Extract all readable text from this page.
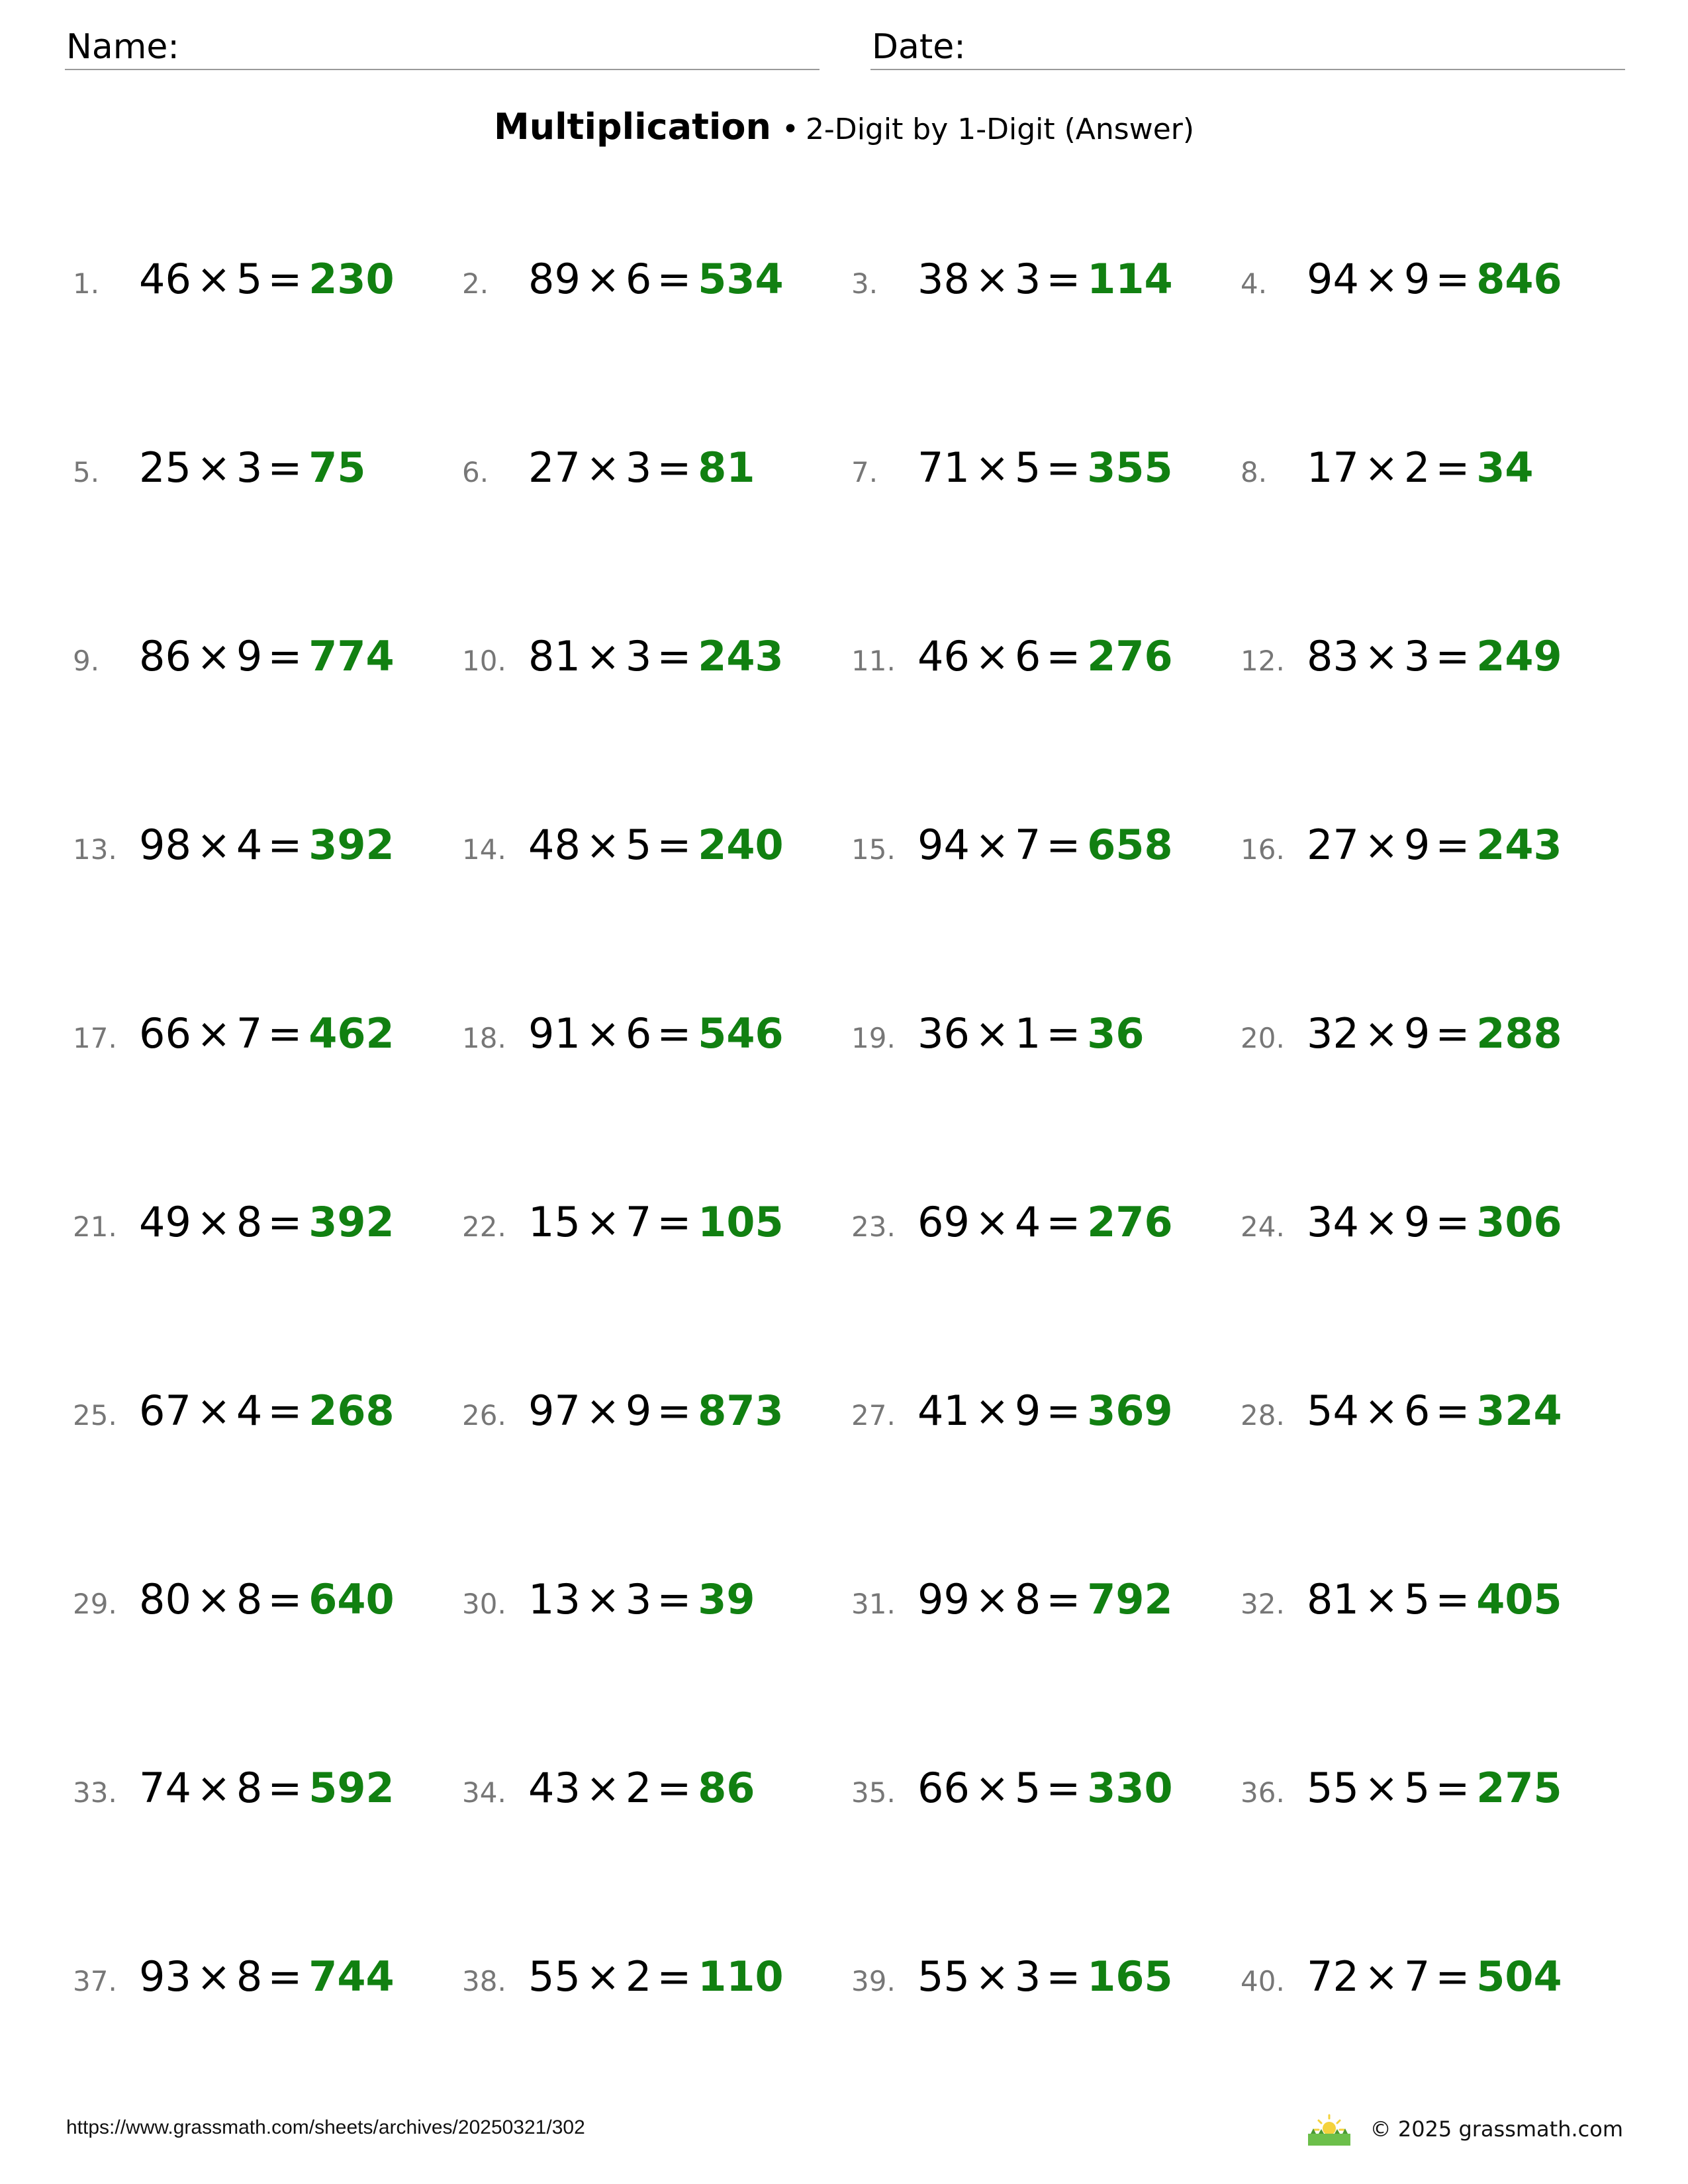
Name:	Date:
Multiplication • 2-Digit by 1-Digit (Answer)
1. 46 × 5 = 230 2. 89 × 6 = 534 3. 38 × 3 = 114 4. 94 × 9 = 846
5. 25 × 3 = 75	6. 27 × 3 = 81	7. 71 × 5 = 355 8. 17 × 2 = 34
9. 86 × 9 = 774 10. 81 × 3 = 243 11. 46 × 6 = 276 12. 83 × 3 = 249
13. 98 × 4 = 392 14. 48 × 5 = 240 15. 94 × 7 = 658 16. 27 × 9 = 243
17. 66 × 7 = 462 18. 91 × 6 = 546 19. 36 × 1 = 36	20. 32 × 9 = 288
21. 49 × 8 = 392 22. 15 × 7 = 105 23. 69 × 4 = 276 24. 34 × 9 = 306
25. 67 × 4 = 268 26. 97 × 9 = 873 27. 41 × 9 = 369 28. 54 × 6 = 324
29. 80 × 8 = 640 30. 13 × 3 = 39	31. 99 × 8 = 792 32. 81 × 5 = 405
33. 74 × 8 = 592 34. 43 × 2 = 86	35. 66 × 5 = 330 36. 55 × 5 = 275
37. 93 × 8 = 744 38. 55 × 2 = 110 39. 55 × 3 = 165 40. 72 × 7 = 504
https://www.grassmath.com/sheets/archives/20250321/302	© 2025 grassmath.com
